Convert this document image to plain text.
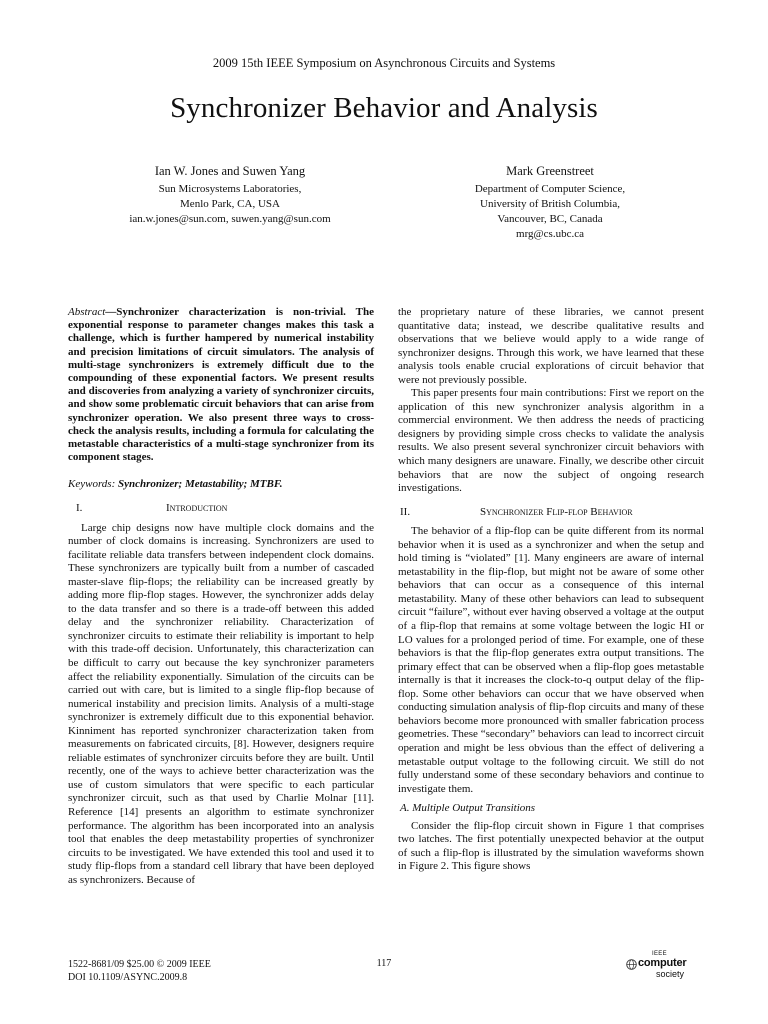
2009 15th IEEE Symposium on Asynchronous Circuits and Systems
Synchronizer Behavior and Analysis
Ian W. Jones and Suwen Yang
Sun Microsystems Laboratories,
Menlo Park, CA, USA
ian.w.jones@sun.com, suwen.yang@sun.com
Mark Greenstreet
Department of Computer Science,
University of British Columbia,
Vancouver, BC, Canada
mrg@cs.ubc.ca

Abstract—Synchronizer characterization is non-trivial. The exponential response to parameter changes makes this task a challenge, which is further hampered by numerical instability and precision limitations of circuit simulators. The analysis of multi-stage synchronizers is extremely difficult due to the compounding of these exponential factors. We present results and discoveries from analyzing a variety of synchronizer circuits, and show some problematic circuit behaviors that can arise from synchronizer operation. We also present three ways to cross-check the analysis results, including a formula for calculating the metastable characteristics of a multi-stage synchronizer from its component stages.

Keywords: Synchronizer; Metastability; MTBF.

I.	Introduction

Large chip designs now have multiple clock domains and the number of clock domains is increasing. Synchronizers are used to facilitate reliable data transfers between independent clock domains. These synchronizers are typically built from a number of cascaded master-slave flip-flops; the reliability can be increased greatly by adding more flip-flop stages. However, the synchronizer adds delay to the data transfer and so there is a trade-off between this added delay and the synchronizer reliability. Characterization of synchronizer circuits to estimate their reliability is important to help with this trade-off decision. Unfortunately, this characterization can be difficult to carry out because the key synchronizer parameters affect the reliability exponentially. Simulation of the circuits can be carried out with care, but is limited to a single flip-flop because of numerical instability and precision limits. Analysis of a multi-stage synchronizer is extremely difficult due to this exponential behavior. Kinniment has reported synchronizer characterization taken from measurements on fabricated circuits, [8]. However, designers require reliable estimates of synchronizer circuits before they are built. Until recently, one of the ways to achieve better characterization was the use of custom simulators that were specific to each particular synchronizer circuit, such as that used by Charlie Molnar [11]. Reference [14] presents an algorithm to estimate synchronizer performance. The algorithm has been incorporated into an analysis tool that enables the deep metastability properties of synchronizer circuits to be investigated. We have extended this tool and used it to study flip-flops from a standard cell library that have been deployed as synchronizers. Because of

the proprietary nature of these libraries, we cannot present quantitative data; instead, we describe qualitative results and observations that we believe would apply to a wide range of synchronizer designs. Through this work, we have learned that these analysis tools enable crucial explorations of circuit behavior that were not previously possible.

This paper presents four main contributions: First we report on the application of this new synchronizer analysis algorithm in a commercial environment. We then address the needs of practicing designers by providing simple cross checks to validate the analysis results. We also present several synchronizer circuit behaviors with which many designers are unaware. Finally, we describe other circuit behaviors that are now the subject of ongoing research investigations.

II.	Synchronizer Flip-flop Behavior

The behavior of a flip-flop can be quite different from its normal behavior when it is used as a synchronizer and when the setup and hold timing is “violated” [1]. Many engineers are aware of internal metastability in the flip-flop, but might not be aware of some other behaviors that can occur as a consequence of this internal metastability. Many of these other behaviors can lead to subsequent circuit “failure”, without ever having observed a voltage at the output of a flip-flop that remains at some voltage between the logic HI or LO values for a prolonged period of time. For example, one of these behaviors is that the flip-flop generates extra output transitions. The primary effect that can be observed when a flip-flop goes metastable internally is that it increases the clock-to-q output delay of the flip-flop. Some other behaviors can occur that we have observed when conducting simulation analysis of flip-flop circuits and many of these behaviors become more pronounced with smaller fabrication process geometries. These “secondary” behaviors can lead to incorrect circuit operation and might be less obvious than the effect of delivering a metastable output voltage to the following circuit. We still do not fully understand some of these secondary behaviors and continue to investigate them.

A. Multiple Output Transitions

Consider the flip-flop circuit shown in Figure 1 that comprises two latches. The first potentially unexpected behavior at the output of such a flip-flop is illustrated by the simulation waveforms shown in Figure 2. This figure shows

1522-8681/09 $25.00 © 2009 IEEE
DOI 10.1109/ASYNC.2009.8
117
IEEE
computer
society
